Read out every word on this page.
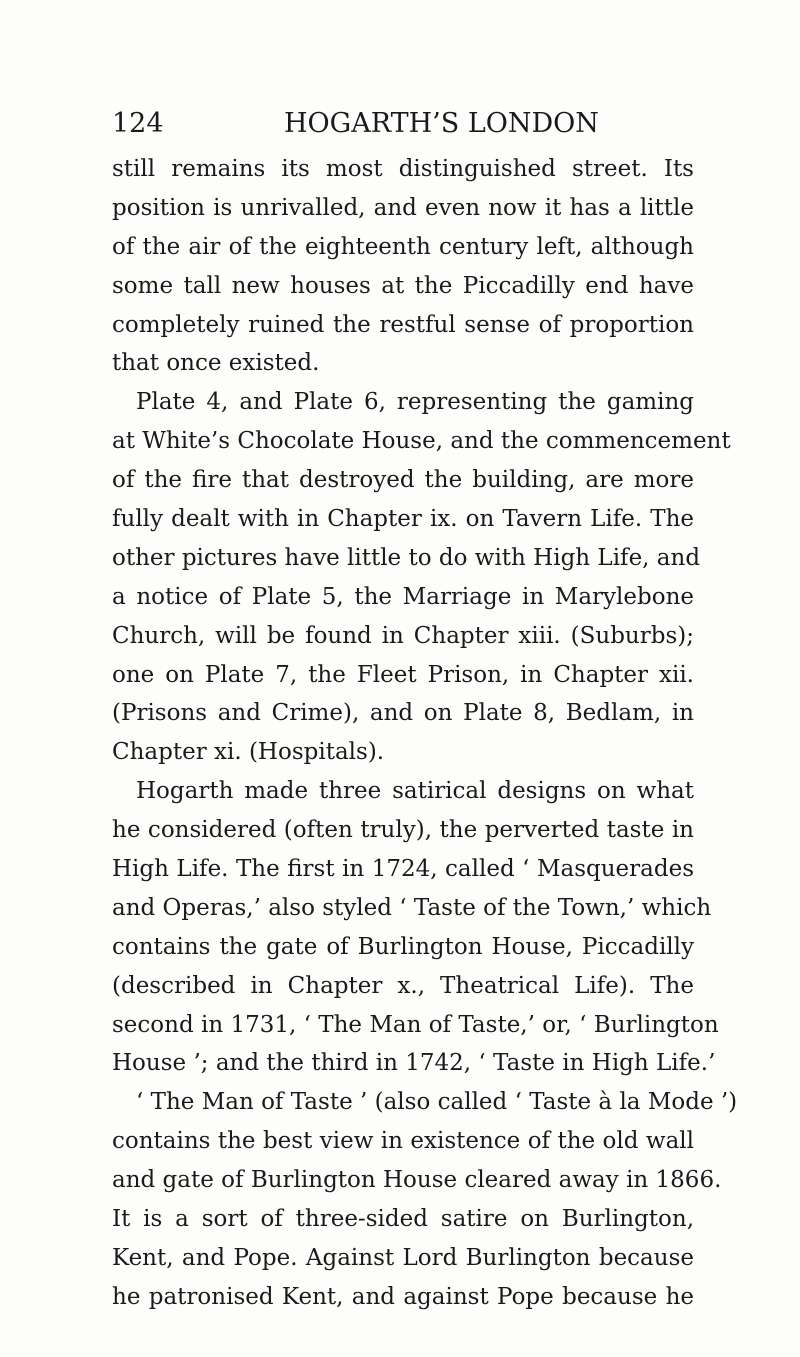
124	HOGARTH’S LONDON
still remains its most distinguished street. Its
position is unrivalled, and even now it has a little
of the air of the eighteenth century left, although
some tall new houses at the Piccadilly end have
completely ruined the restful sense of proportion
that once existed.
Plate 4, and Plate 6, representing the gaming
at White’s Chocolate House, and the commencement
of the fire that destroyed the building, are more
fully dealt with in Chapter ix. on Tavern Life. The
other pictures have little to do with High Life, and
a notice of Plate 5, the Marriage in Marylebone
Church, will be found in Chapter xiii. (Suburbs);
one on Plate 7, the Fleet Prison, in Chapter xii.
(Prisons and Crime), and on Plate 8, Bedlam, in
Chapter xi. (Hospitals).
Hogarth made three satirical designs on what
he considered (often truly), the perverted taste in
High Life. The first in 1724, called ‘ Masquerades
and Operas,’ also styled ‘ Taste of the Town,’ which
contains the gate of Burlington House, Piccadilly
(described in Chapter x., Theatrical Life). The
second in 1731, ‘ The Man of Taste,’ or, ‘ Burlington
House ’; and the third in 1742, ‘ Taste in High Life.’
‘ The Man of Taste ’ (also called ‘ Taste à la Mode ’)
contains the best view in existence of the old wall
and gate of Burlington House cleared away in 1866.
It is a sort of three-sided satire on Burlington,
Kent, and Pope. Against Lord Burlington because
he patronised Kent, and against Pope because he
